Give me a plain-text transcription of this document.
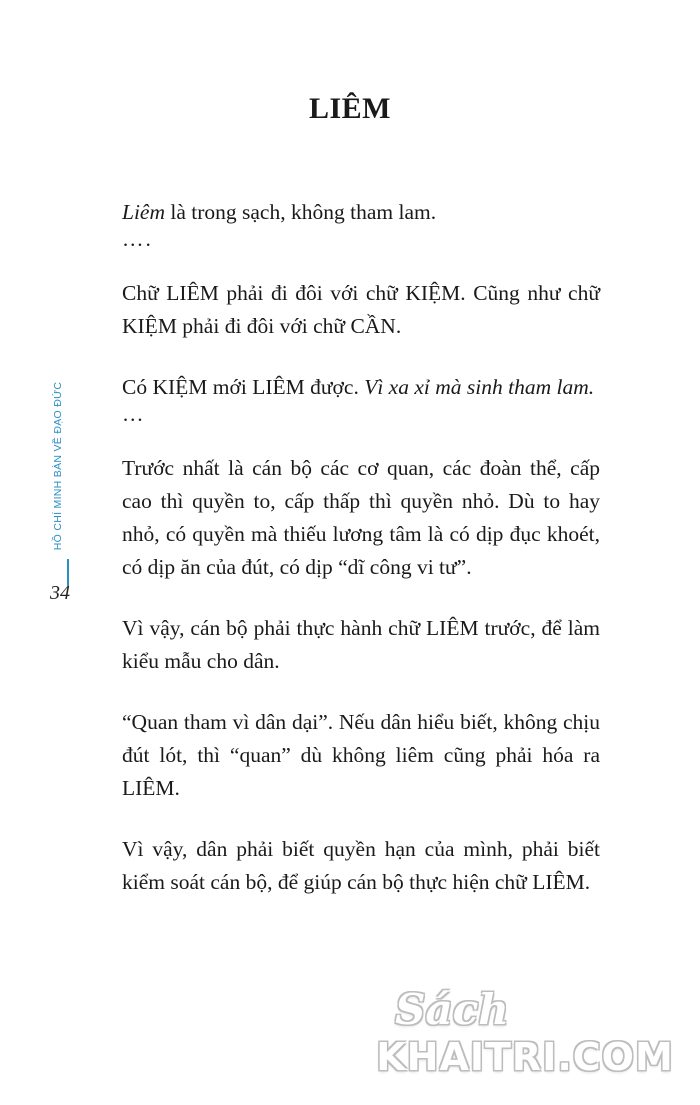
LIÊM
HỒ CHÍ MINH BÀN VỀ ĐẠO ĐỨC
34

Liêm là trong sạch, không tham lam.

….

Chữ LIÊM phải đi đôi với chữ KIỆM. Cũng như chữ KIỆM phải đi đôi với chữ CẦN.

Có KIỆM mới LIÊM được. Vì xa xỉ mà sinh tham lam.

…

Trước nhất là cán bộ các cơ quan, các đoàn thể, cấp cao thì quyền to, cấp thấp thì quyền nhỏ. Dù to hay nhỏ, có quyền mà thiếu lương tâm là có dịp đục khoét, có dịp ăn của đút, có dịp “dĩ công vi tư”.

Vì vậy, cán bộ phải thực hành chữ LIÊM trước, để làm kiểu mẫu cho dân.

“Quan tham vì dân dại”. Nếu dân hiểu biết, không chịu đút lót, thì “quan” dù không liêm cũng phải hóa ra LIÊM.

Vì vậy, dân phải biết quyền hạn của mình, phải biết kiểm soát cán bộ, để giúp cán bộ thực hiện chữ LIÊM.

Sách
KHAITRI.COM
